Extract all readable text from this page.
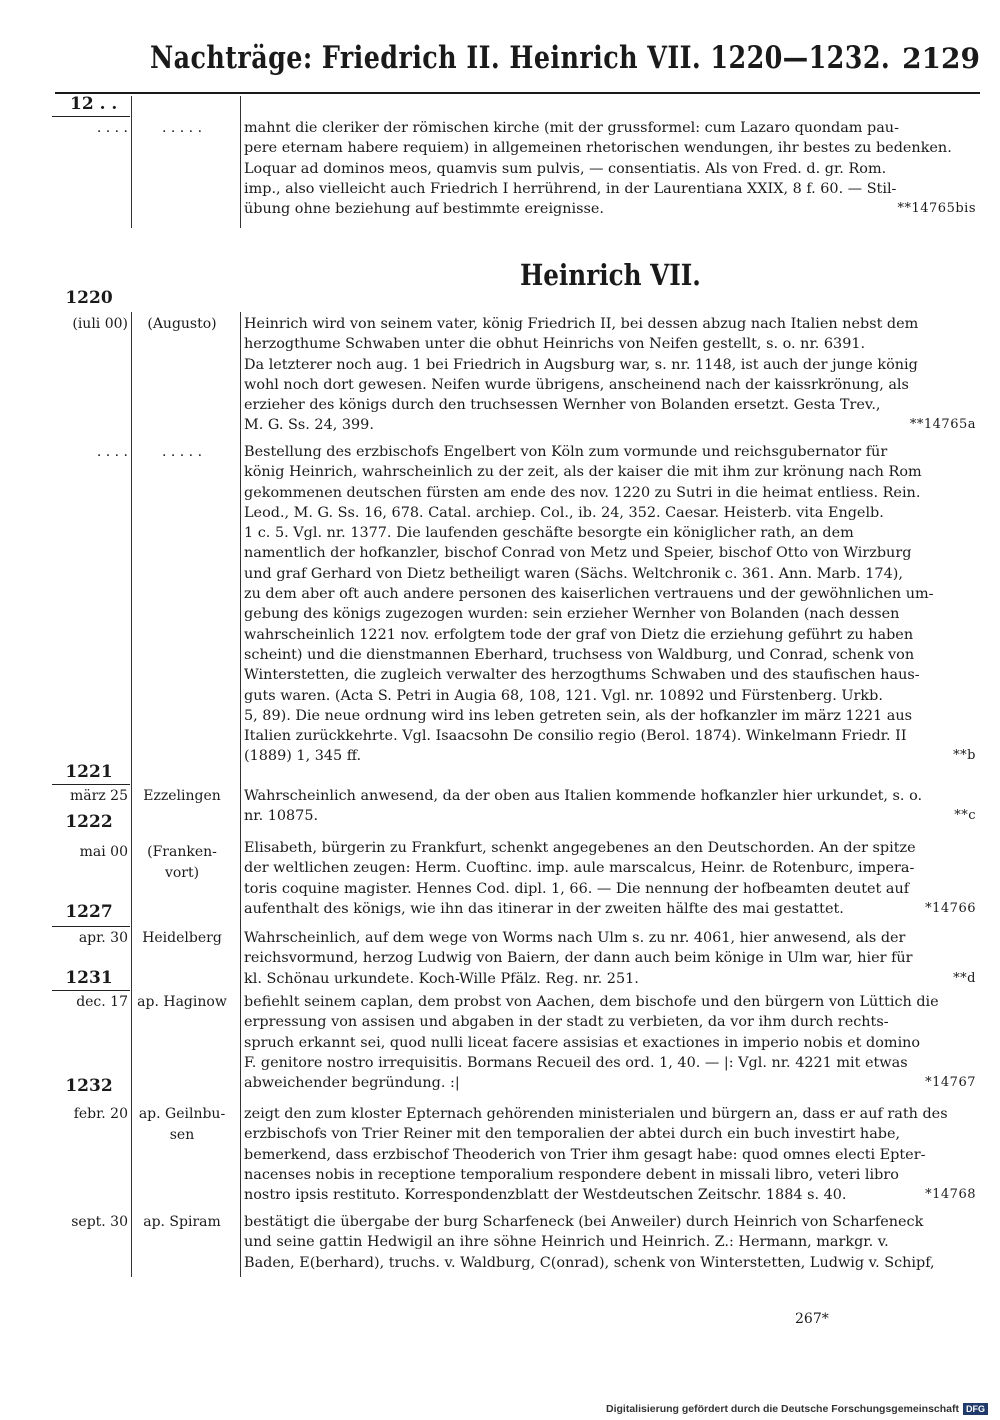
Nachträge: Friedrich II. Heinrich VII. 1220—1232. 2129
12 . .
. . . .	. . . . .	mahnt die cleriker der römischen kirche (mit der grussformel: cum Lazaro quondam pau-
pere eternam habere requiem) in allgemeinen rhetorischen wendungen, ihr bestes zu bedenken.
Loquar ad dominos meos, quamvis sum pulvis, — consentiatis. Als von Fred. d. gr. Rom.
imp., also vielleicht auch Friedrich I herrührend, in der Laurentiana XXIX, 8 f. 60. — Stil-
übung ohne beziehung auf bestimmte ereignisse.	**14765bis
Heinrich VII.
1220
(iuli 00)	(Augusto)	Heinrich wird von seinem vater, könig Friedrich II, bei dessen abzug nach Italien nebst dem
herzogthume Schwaben unter die obhut Heinrichs von Neifen gestellt, s. o. nr. 6391.
Da letzterer noch aug. 1 bei Friedrich in Augsburg war, s. nr. 1148, ist auch der junge könig
wohl noch dort gewesen. Neifen wurde übrigens, anscheinend nach der kaissrkrönung, als
erzieher des königs durch den truchsessen Wernher von Bolanden ersetzt. Gesta Trev.,
M. G. Ss. 24, 399.	**14765a
. . . .	. . . . .	Bestellung des erzbischofs Engelbert von Köln zum vormunde und reichsgubernator für
könig Heinrich, wahrscheinlich zu der zeit, als der kaiser die mit ihm zur krönung nach Rom
gekommenen deutschen fürsten am ende des nov. 1220 zu Sutri in die heimat entliess. Rein.
Leod., M. G. Ss. 16, 678. Catal. archiep. Col., ib. 24, 352. Caesar. Heisterb. vita Engelb.
1 c. 5. Vgl. nr. 1377. Die laufenden geschäfte besorgte ein königlicher rath, an dem
namentlich der hofkanzler, bischof Conrad von Metz und Speier, bischof Otto von Wirzburg
und graf Gerhard von Dietz betheiligt waren (Sächs. Weltchronik c. 361. Ann. Marb. 174),
zu dem aber oft auch andere personen des kaiserlichen vertrauens und der gewöhnlichen um-
gebung des königs zugezogen wurden: sein erzieher Wernher von Bolanden (nach dessen
wahrscheinlich 1221 nov. erfolgtem tode der graf von Dietz die erziehung geführt zu haben
scheint) und die dienstmannen Eberhard, truchsess von Waldburg, und Conrad, schenk von
Winterstetten, die zugleich verwalter des herzogthums Schwaben und des staufischen haus-
guts waren. (Acta S. Petri in Augia 68, 108, 121. Vgl. nr. 10892 und Fürstenberg. Urkb.
5, 89). Die neue ordnung wird ins leben getreten sein, als der hofkanzler im märz 1221 aus
Italien zurückkehrte. Vgl. Isaacsohn De consilio regio (Berol. 1874). Winkelmann Friedr. II
(1889) 1, 345 ff.	**b
1221
märz 25	Ezzelingen	Wahrscheinlich anwesend, da der oben aus Italien kommende hofkanzler hier urkundet, s. o.
nr. 10875.	**c
1222
mai 00	(Franken-vort)
Elisabeth, bürgerin zu Frankfurt, schenkt angegebenes an den Deutschorden. An der spitze
der weltlichen zeugen: Herm. Cuoftinc. imp. aule marscalcus, Heinr. de Rotenburc, impera-
toris coquine magister. Hennes Cod. dipl. 1, 66. — Die nennung der hofbeamten deutet auf
aufenthalt des königs, wie ihn das itinerar in der zweiten hälfte des mai gestattet.	*14766
1227
apr. 30	Heidelberg	Wahrscheinlich, auf dem wege von Worms nach Ulm s. zu nr. 4061, hier anwesend, als der
reichsvormund, herzog Ludwig von Baiern, der dann auch beim könige in Ulm war, hier für
kl. Schönau urkundete. Koch-Wille Pfälz. Reg. nr. 251.	**d
1231
dec. 17 ap. Haginow	befiehlt seinem caplan, dem probst von Aachen, dem bischofe und den bürgern von Lüttich die
erpressung von assisen und abgaben in der stadt zu verbieten, da vor ihm durch rechts-
spruch erkannt sei, quod nulli liceat facere assisias et exactiones in imperio nobis et domino
F. genitore nostro irrequisitis. Bormans Recueil des ord. 1, 40. — |: Vgl. nr. 4221 mit etwas
abweichender begründung. :|	*14767
1232
febr. 20 ap. Geilnbu-sen
zeigt den zum kloster Epternach gehörenden ministerialen und bürgern an, dass er auf rath des
erzbischofs von Trier Reiner mit den temporalien der abtei durch ein buch investirt habe,
bemerkend, dass erzbischof Theoderich von Trier ihm gesagt habe: quod omnes electi Epter-
nacenses nobis in receptione temporalium respondere debent in missali libro, veteri libro
nostro ipsis restituto. Korrespondenzblatt der Westdeutschen Zeitschr. 1884 s. 40.	*14768
sept. 30	ap. Spiram	bestätigt die übergabe der burg Scharfeneck (bei Anweiler) durch Heinrich von Scharfeneck
und seine gattin Hedwigil an ihre söhne Heinrich und Heinrich. Z.: Hermann, markgr. v.
Baden, E(berhard), truchs. v. Waldburg, C(onrad), schenk von Winterstetten, Ludwig v. Schipf,
267*
Digitalisierung gefördert durch die Deutsche Forschungsgemeinschaft DFG
